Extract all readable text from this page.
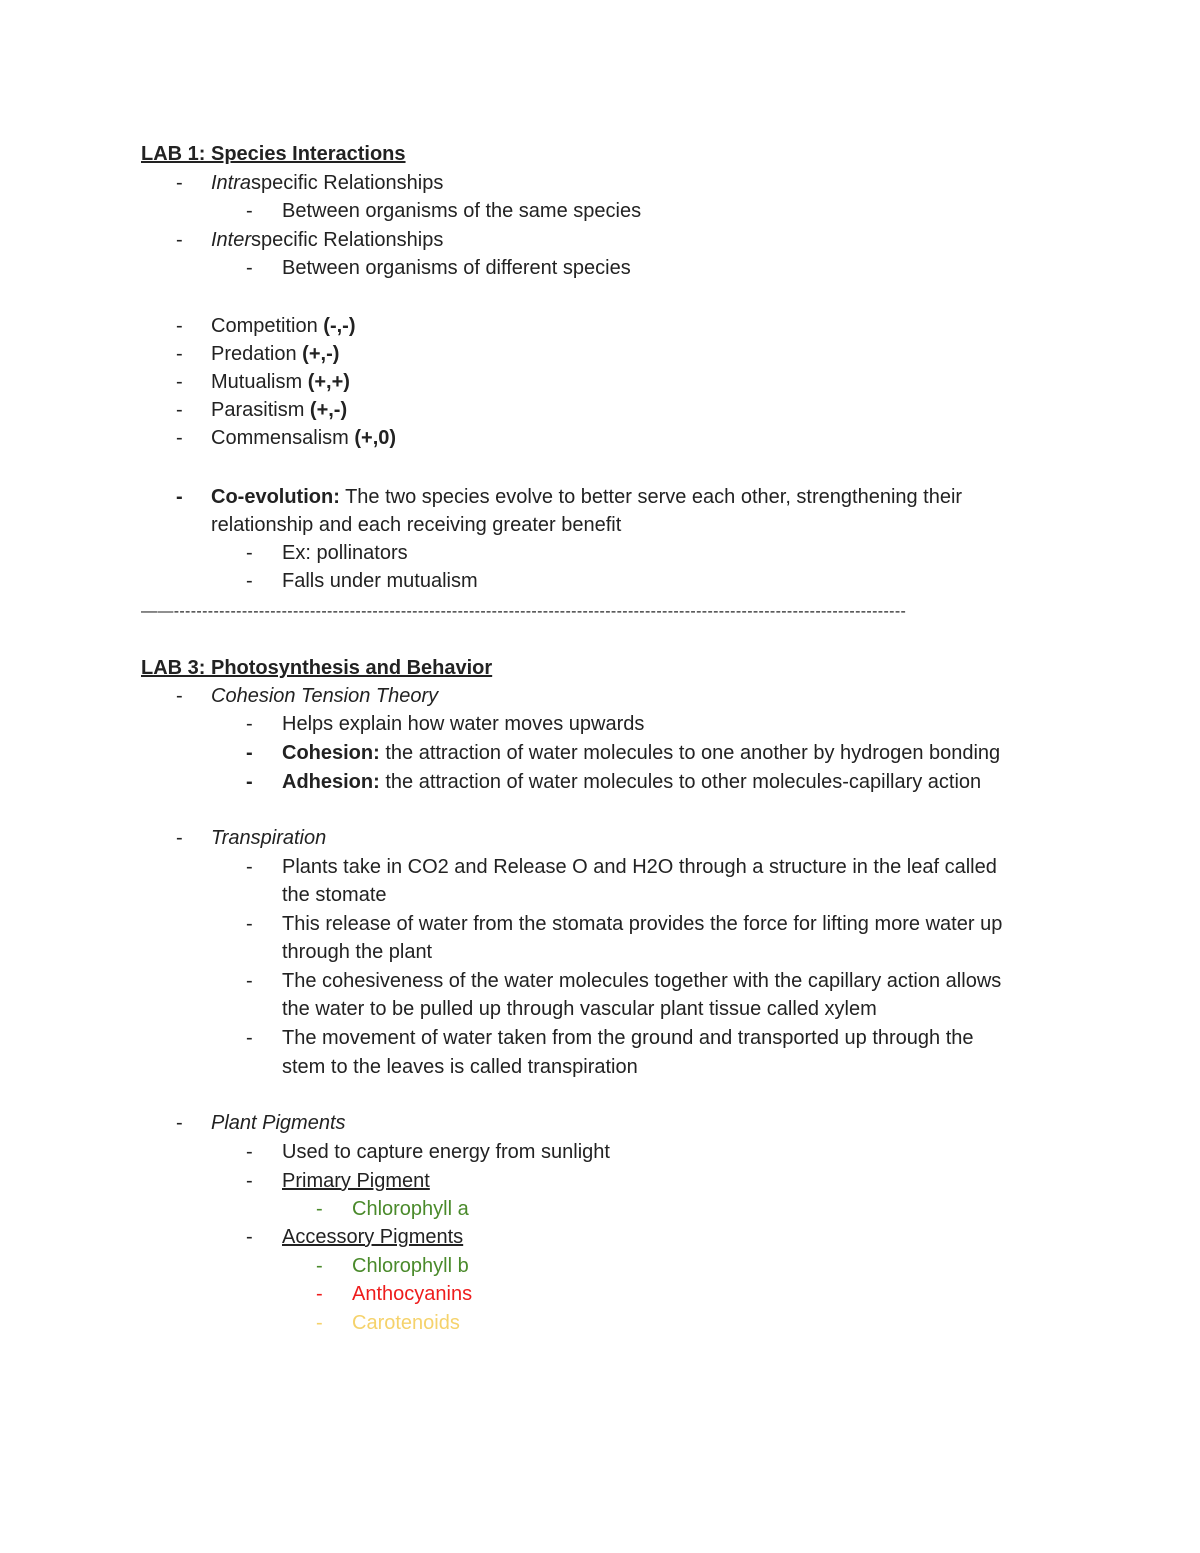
LAB 1: Species Interactions
- Intraspecific Relationships
- Between organisms of the same species
- Interspecific Relationships
- Between organisms of different species
- Competition (-,-)
- Predation (+,-)
- Mutualism (+,+)
- Parasitism (+,-)
- Commensalism (+,0)
- Co-evolution: The two species evolve to better serve each other, strengthening their
relationship and each receiving greater benefit
- Ex: pollinators
- Falls under mutualism
——---------------------------------------------------------------------------------------------------------------------------------
LAB 3: Photosynthesis and Behavior
- Cohesion Tension Theory
- Helps explain how water moves upwards
- Cohesion: the attraction of water molecules to one another by hydrogen bonding
- Adhesion: the attraction of water molecules to other molecules-capillary action
- Transpiration
- Plants take in CO2 and Release O and H2O through a structure in the leaf called
the stomate
- This release of water from the stomata provides the force for lifting more water up
through the plant
- The cohesiveness of the water molecules together with the capillary action allows
the water to be pulled up through vascular plant tissue called xylem
- The movement of water taken from the ground and transported up through the
stem to the leaves is called transpiration
- Plant Pigments
- Used to capture energy from sunlight
- Primary Pigment
- Chlorophyll a
- Accessory Pigments
- Chlorophyll b
- Anthocyanins
- Carotenoids
